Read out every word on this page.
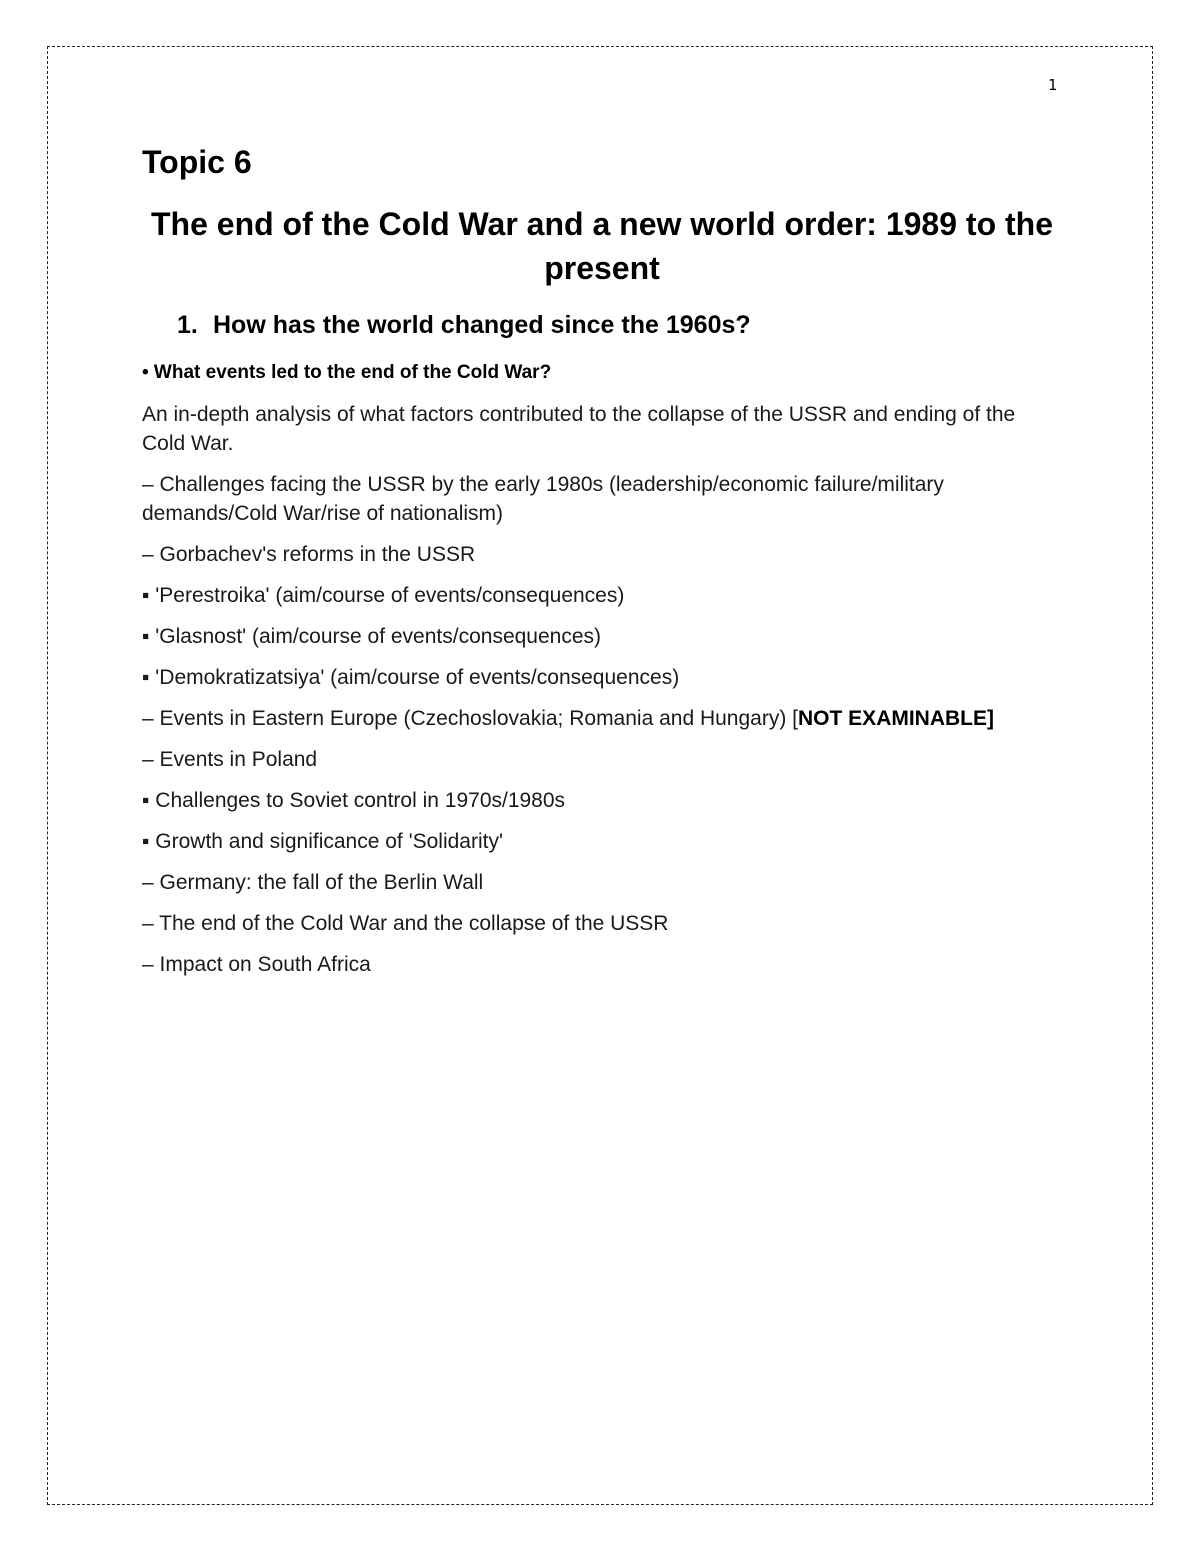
1
Topic 6
The end of the Cold War and a new world order: 1989 to the present
1. How has the world changed since the 1960s?
• What events led to the end of the Cold War?

An in-depth analysis of what factors contributed to the collapse of the USSR and ending of the Cold War.

– Challenges facing the USSR by the early 1980s (leadership/economic failure/military demands/Cold War/rise of nationalism)

– Gorbachev's reforms in the USSR

▪ 'Perestroika' (aim/course of events/consequences)

▪ 'Glasnost' (aim/course of events/consequences)

▪ 'Demokratizatsiya' (aim/course of events/consequences)

– Events in Eastern Europe (Czechoslovakia; Romania and Hungary) [NOT EXAMINABLE]

– Events in Poland

▪ Challenges to Soviet control in 1970s/1980s

▪ Growth and significance of 'Solidarity'

– Germany: the fall of the Berlin Wall

– The end of the Cold War and the collapse of the USSR

– Impact on South Africa
